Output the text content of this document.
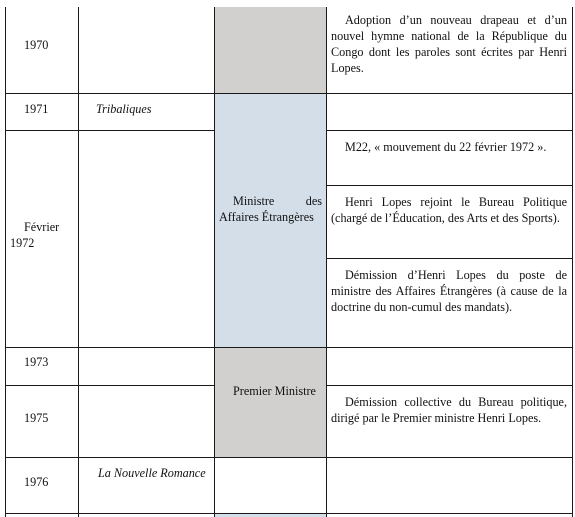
1970
1971
Février 1972
1973
1975
1976
Tribaliques
La Nouvelle Romance
Ministre des Affaires Étrangères
Premier Ministre
Adoption d’un nouveau drapeau et d’un nouvel hymne national de la République du Congo dont les paroles sont écrites par Henri Lopes.
M22, « mouvement du 22 février 1972 ».
Henri Lopes rejoint le Bureau Politique (chargé de l’Éducation, des Arts et des Sports).
Démission d’Henri Lopes du poste de ministre des Affaires Étrangères (à cause de la doctrine du non-cumul des mandats).
Démission collective du Bureau politique, dirigé par le Premier ministre Henri Lopes.
